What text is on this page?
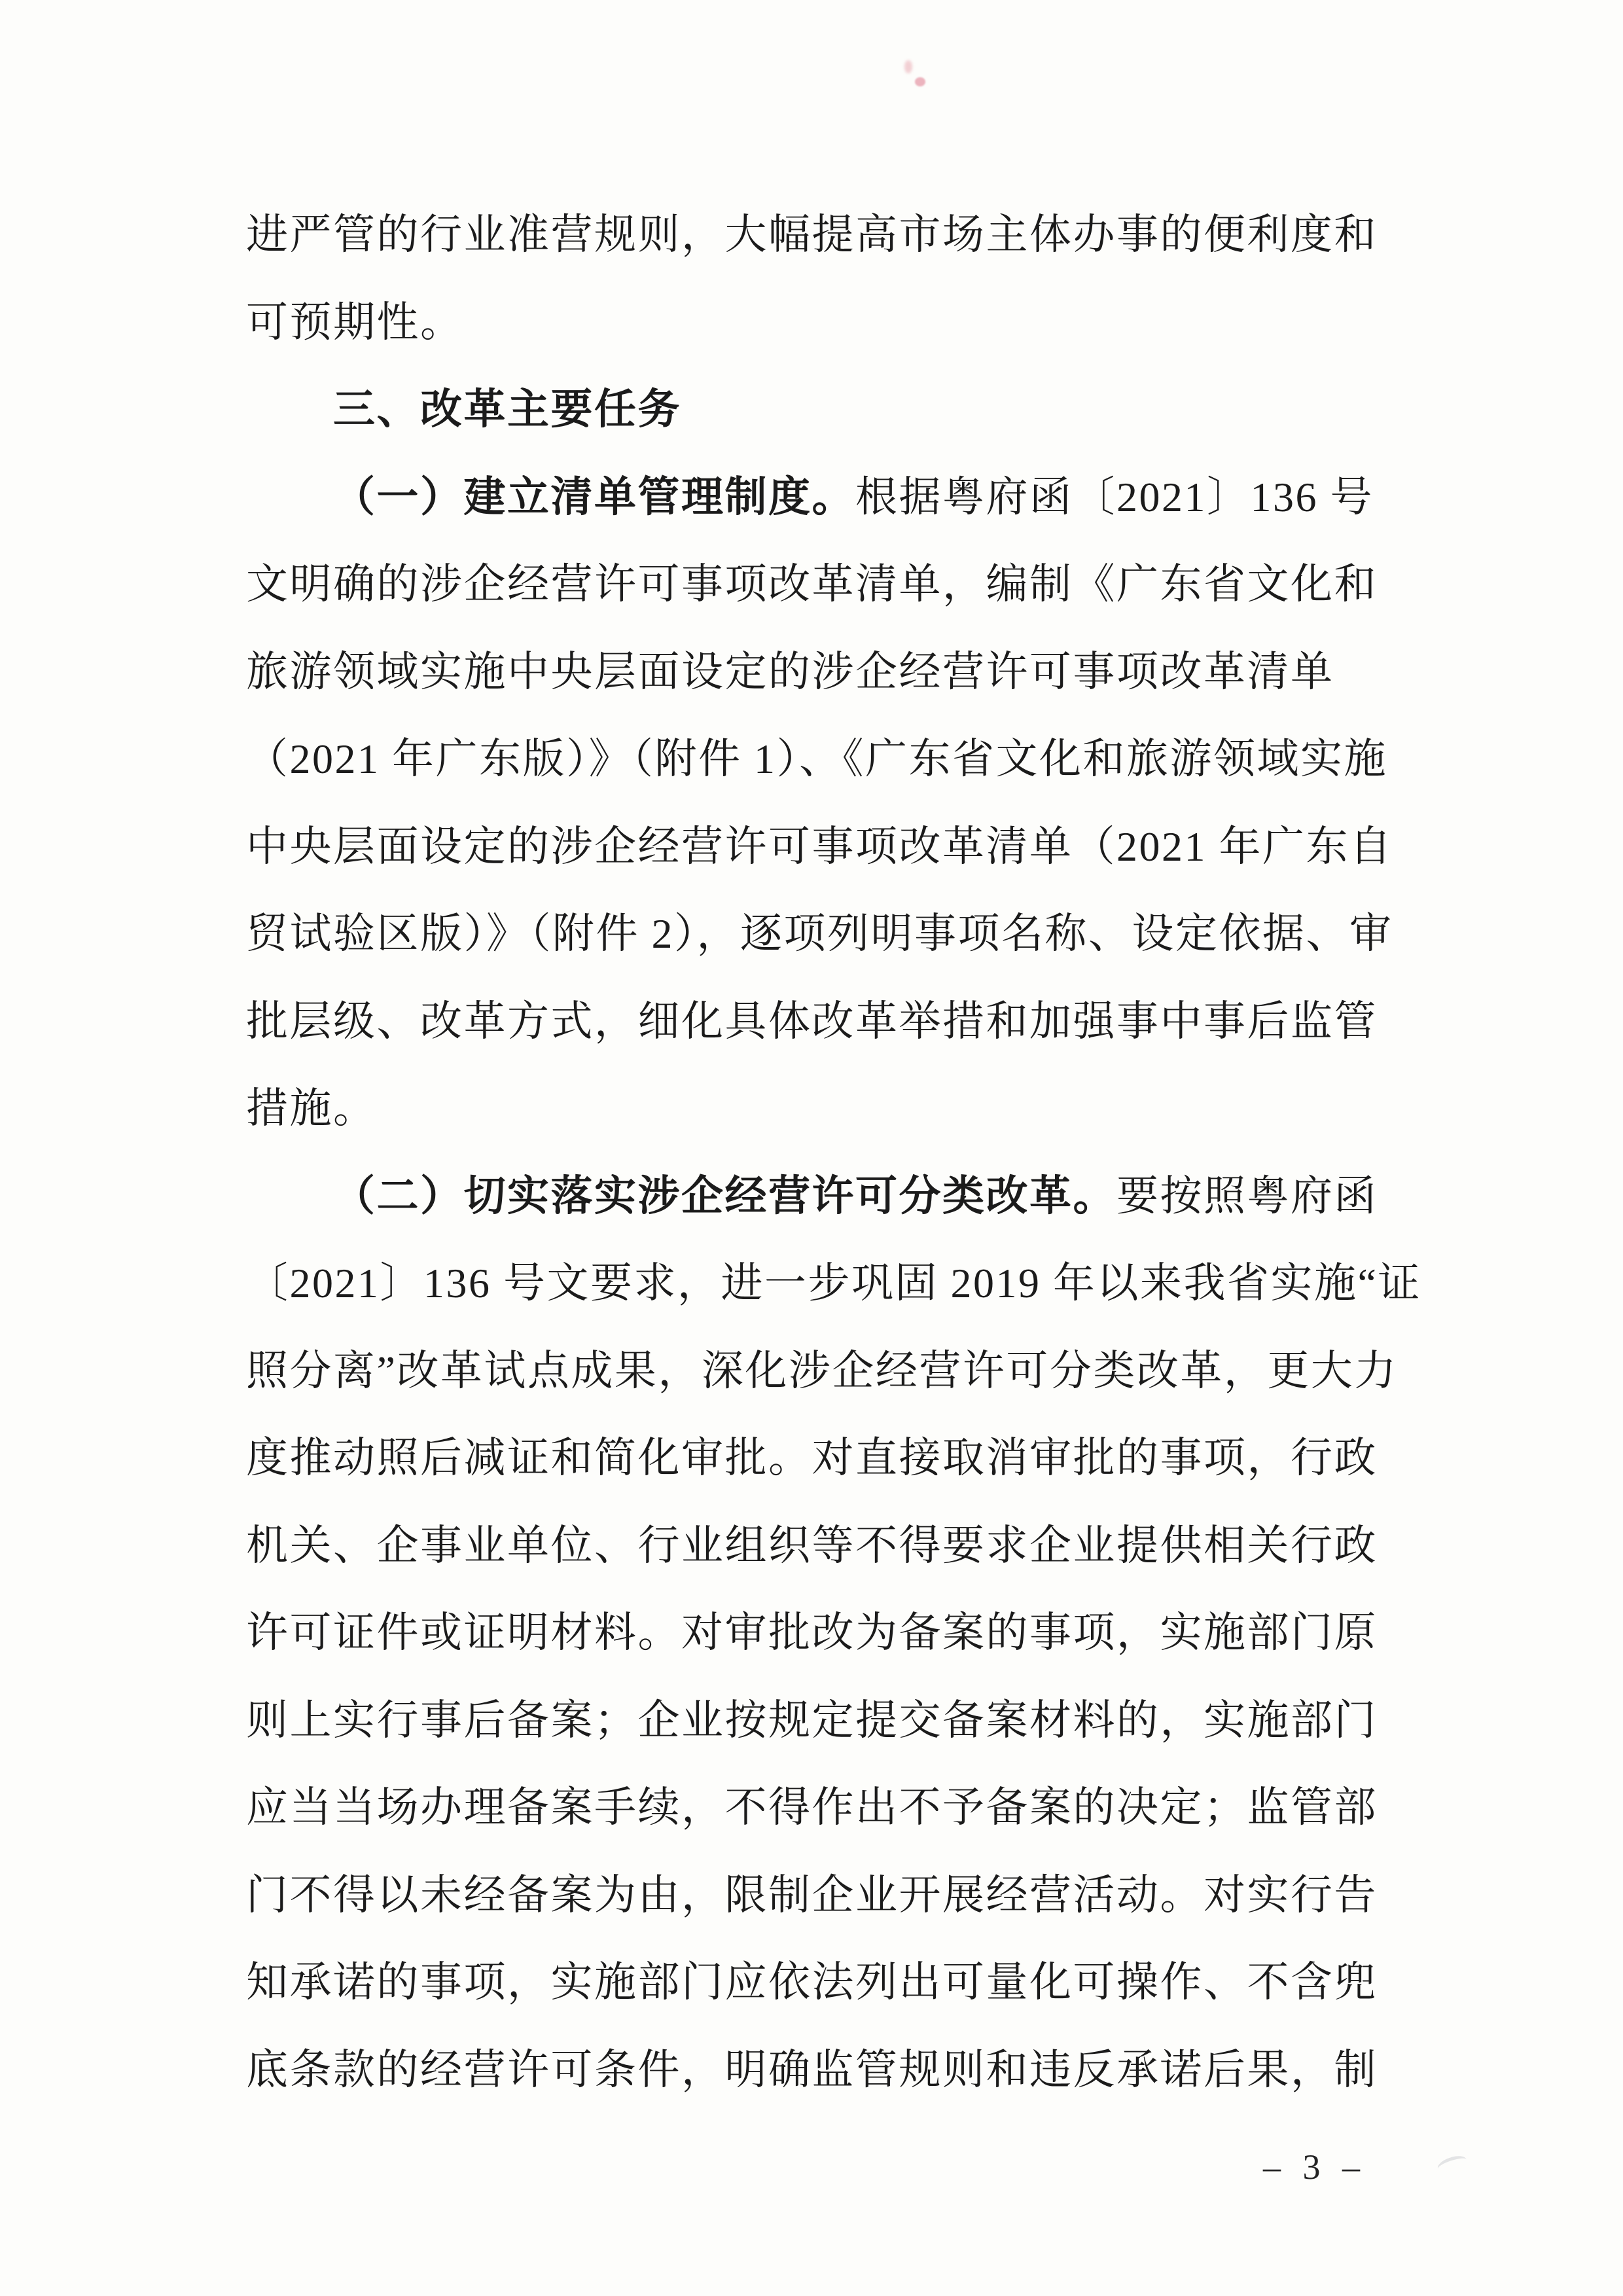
进严管的行业准营规则，大幅提高市场主体办事的便利度和
可预期性。
三、改革主要任务
（一）建立清单管理制度。根据粤府函〔2021〕136 号
文明确的涉企经营许可事项改革清单，编制《广东省文化和
旅游领域实施中央层面设定的涉企经营许可事项改革清单
（2021 年广东版）》（附件 1）、《广东省文化和旅游领域实施
中央层面设定的涉企经营许可事项改革清单（2021 年广东自
贸试验区版）》（附件 2），逐项列明事项名称、设定依据、审
批层级、改革方式，细化具体改革举措和加强事中事后监管
措施。
（二）切实落实涉企经营许可分类改革。要按照粤府函
〔2021〕136 号文要求，进一步巩固 2019 年以来我省实施“证
照分离”改革试点成果，深化涉企经营许可分类改革，更大力
度推动照后减证和简化审批。对直接取消审批的事项，行政
机关、企事业单位、行业组织等不得要求企业提供相关行政
许可证件或证明材料。对审批改为备案的事项，实施部门原
则上实行事后备案；企业按规定提交备案材料的，实施部门
应当当场办理备案手续，不得作出不予备案的决定；监管部
门不得以未经备案为由，限制企业开展经营活动。对实行告
知承诺的事项，实施部门应依法列出可量化可操作、不含兜
底条款的经营许可条件，明确监管规则和违反承诺后果，制
– 3 –
